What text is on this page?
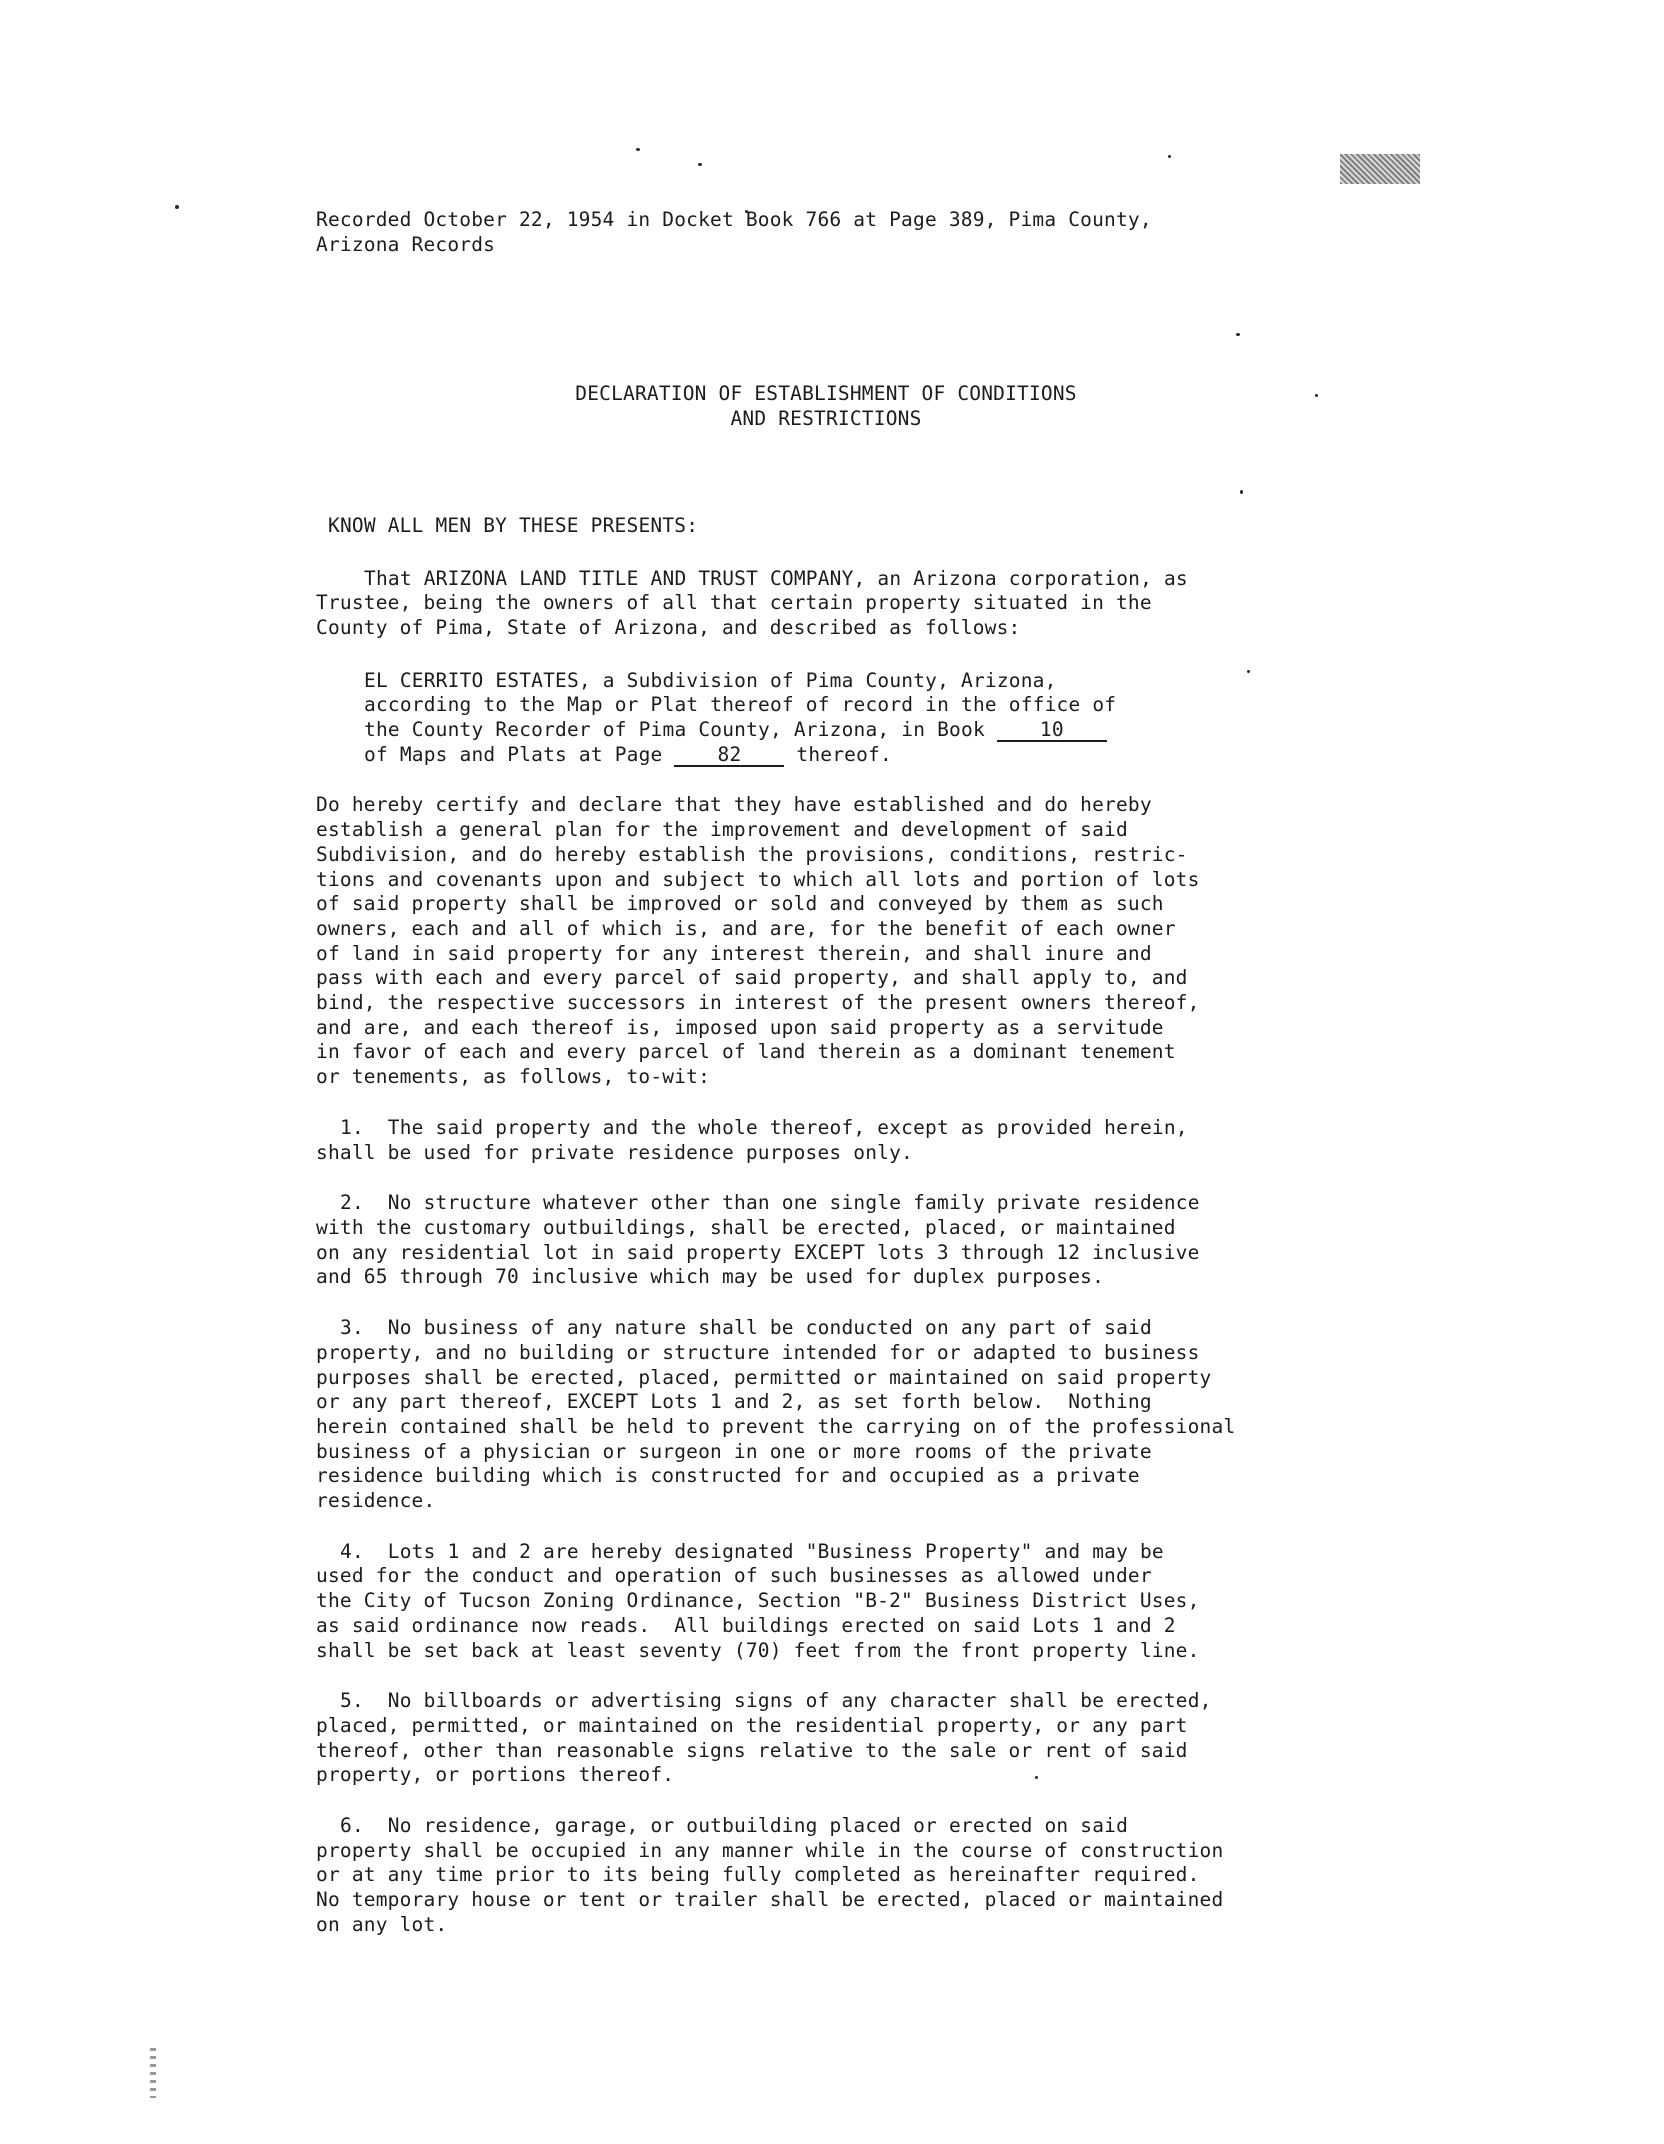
Recorded October 22, 1954 in Docket Book 766 at Page 389, Pima County,
Arizona Records
DECLARATION OF ESTABLISHMENT OF CONDITIONS
AND RESTRICTIONS
KNOW ALL MEN BY THESE PRESENTS:
That ARIZONA LAND TITLE AND TRUST COMPANY, an Arizona corporation, as
Trustee, being the owners of all that certain property situated in the
County of Pima, State of Arizona, and described as follows:
EL CERRITO ESTATES, a Subdivision of Pima County, Arizona,
according to the Map or Plat thereof of record in the office of
the County Recorder of Pima County, Arizona, in Book 10
of Maps and Plats at Page 82 thereof.
Do hereby certify and declare that they have established and do hereby
establish a general plan for the improvement and development of said
Subdivision, and do hereby establish the provisions, conditions, restric-
tions and covenants upon and subject to which all lots and portion of lots
of said property shall be improved or sold and conveyed by them as such
owners, each and all of which is, and are, for the benefit of each owner
of land in said property for any interest therein, and shall inure and
pass with each and every parcel of said property, and shall apply to, and
bind, the respective successors in interest of the present owners thereof,
and are, and each thereof is, imposed upon said property as a servitude
in favor of each and every parcel of land therein as a dominant tenement
or tenements, as follows, to-wit:
1.  The said property and the whole thereof, except as provided herein,
shall be used for private residence purposes only.
2.  No structure whatever other than one single family private residence
with the customary outbuildings, shall be erected, placed, or maintained
on any residential lot in said property EXCEPT lots 3 through 12 inclusive
and 65 through 70 inclusive which may be used for duplex purposes.
3.  No business of any nature shall be conducted on any part of said
property, and no building or structure intended for or adapted to business
purposes shall be erected, placed, permitted or maintained on said property
or any part thereof, EXCEPT Lots 1 and 2, as set forth below.  Nothing
herein contained shall be held to prevent the carrying on of the professional
business of a physician or surgeon in one or more rooms of the private
residence building which is constructed for and occupied as a private
residence.
4.  Lots 1 and 2 are hereby designated "Business Property" and may be
used for the conduct and operation of such businesses as allowed under
the City of Tucson Zoning Ordinance, Section "B-2" Business District Uses,
as said ordinance now reads.  All buildings erected on said Lots 1 and 2
shall be set back at least seventy (70) feet from the front property line.
5.  No billboards or advertising signs of any character shall be erected,
placed, permitted, or maintained on the residential property, or any part
thereof, other than reasonable signs relative to the sale or rent of said
property, or portions thereof.
6.  No residence, garage, or outbuilding placed or erected on said
property shall be occupied in any manner while in the course of construction
or at any time prior to its being fully completed as hereinafter required.
No temporary house or tent or trailer shall be erected, placed or maintained
on any lot.
